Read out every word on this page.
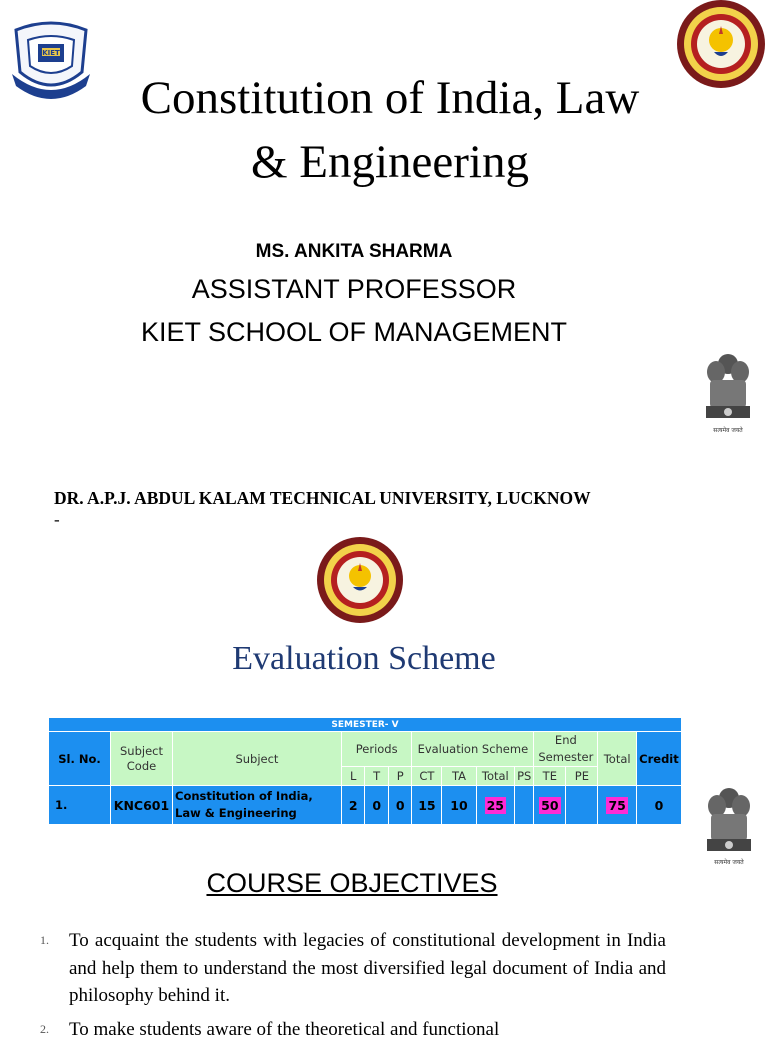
KIET
Constitution of India, Law
& Engineering
MS. ANKITA SHARMA
ASSISTANT PROFESSOR
KIET SCHOOL OF MANAGEMENT
सत्यमेव जयते
DR. A.P.J. ABDUL KALAM TECHNICAL UNIVERSITY, LUCKNOW
-
Evaluation Scheme
SEMESTER- V													
Sl. No.	Subject Code	Subject	Periods			Evaluation Scheme				End Semester		Total	Credit
			L	T	P	CT	TA	Total	PS	TE	PE		
1.	KNC601	Constitution of India, Law & Engineering	2	0	0	15	10	25		50		75	0
सत्यमेव जयते
COURSE OBJECTIVES
1. To acquaint the students with legacies of constitutional development in India and help them to understand the most diversified legal document of India and philosophy behind it.
2. To make students aware of the theoretical and functional
